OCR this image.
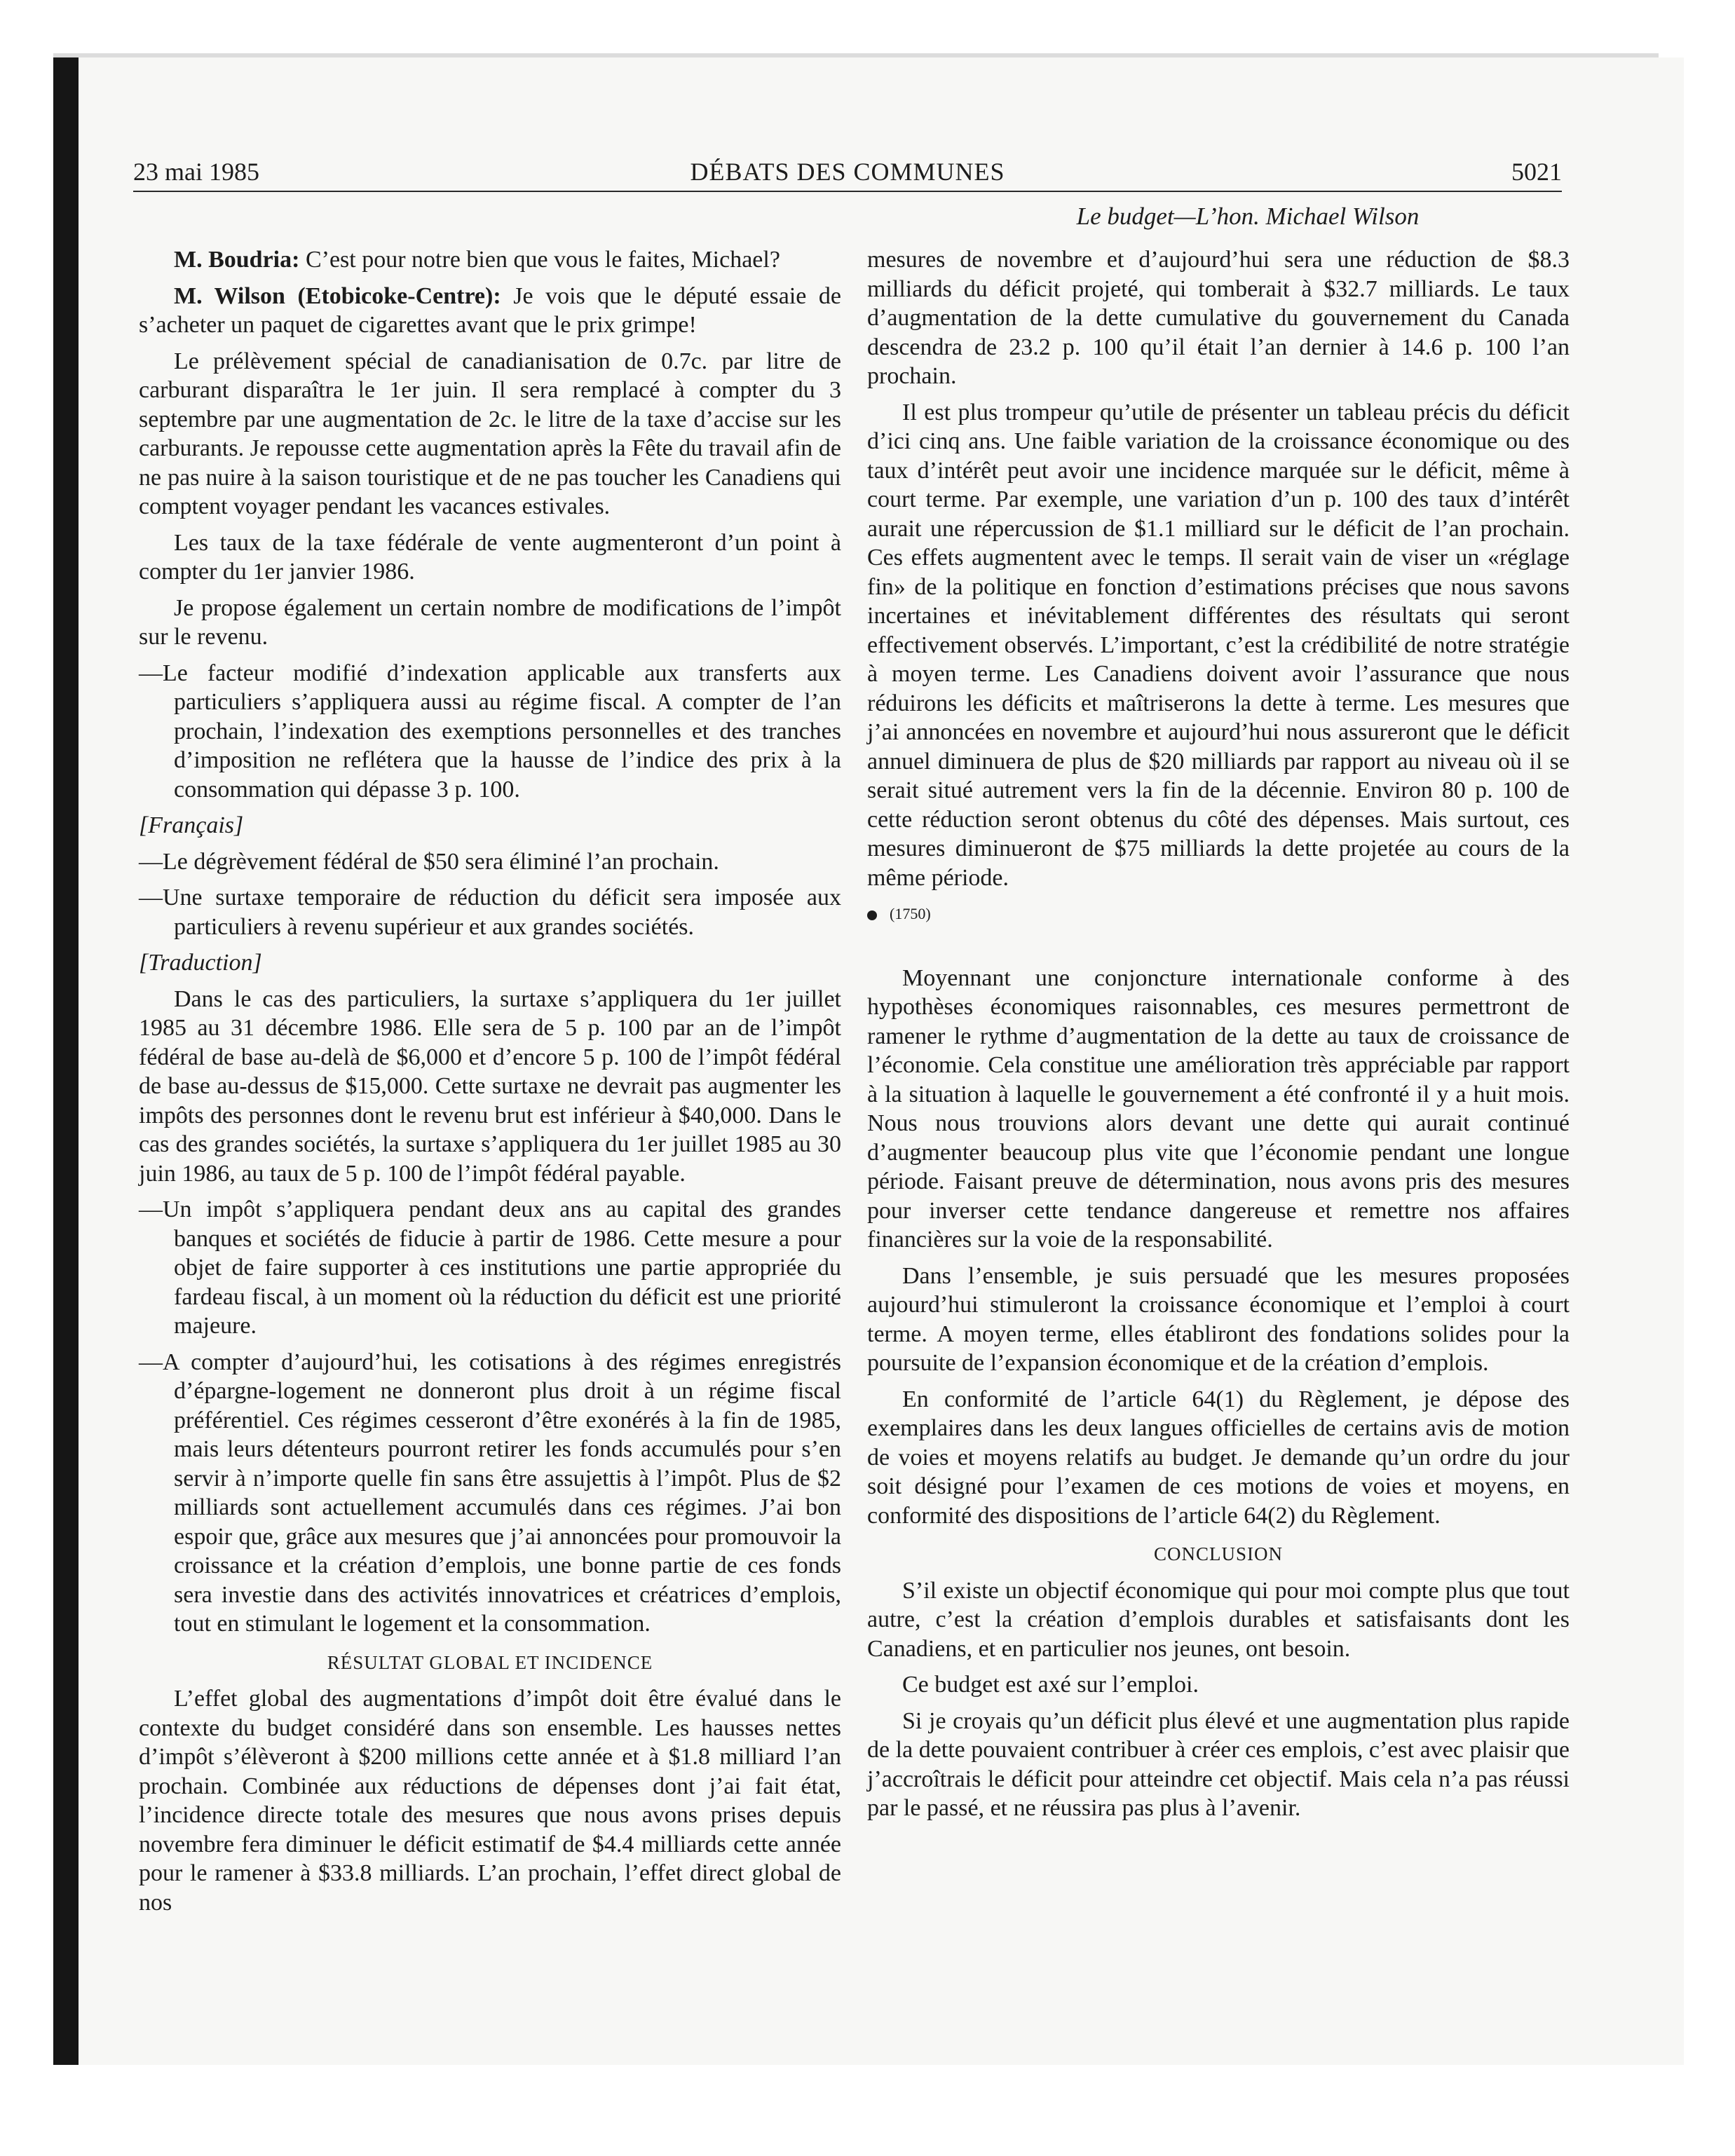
23 mai 1985	DÉBATS DES COMMUNES	5021
Le budget—L’hon. Michael Wilson

M. Boudria: C’est pour notre bien que vous le faites, Michael?

M. Wilson (Etobicoke-Centre): Je vois que le député essaie de s’acheter un paquet de cigarettes avant que le prix grimpe!

Le prélèvement spécial de canadianisation de 0.7c. par litre de carburant disparaîtra le 1er juin. Il sera remplacé à compter du 3 septembre par une augmentation de 2c. le litre de la taxe d’accise sur les carburants. Je repousse cette augmentation après la Fête du travail afin de ne pas nuire à la saison touristique et de ne pas toucher les Canadiens qui comptent voyager pendant les vacances estivales.

Les taux de la taxe fédérale de vente augmenteront d’un point à compter du 1er janvier 1986.

Je propose également un certain nombre de modifications de l’impôt sur le revenu.

—Le facteur modifié d’indexation applicable aux transferts aux particuliers s’appliquera aussi au régime fiscal. A compter de l’an prochain, l’indexation des exemptions personnelles et des tranches d’imposition ne reflétera que la hausse de l’indice des prix à la consommation qui dépasse 3 p. 100.

[Français]

—Le dégrèvement fédéral de $50 sera éliminé l’an prochain.

—Une surtaxe temporaire de réduction du déficit sera imposée aux particuliers à revenu supérieur et aux grandes sociétés.

[Traduction]

Dans le cas des particuliers, la surtaxe s’appliquera du 1er juillet 1985 au 31 décembre 1986. Elle sera de 5 p. 100 par an de l’impôt fédéral de base au-delà de $6,000 et d’encore 5 p. 100 de l’impôt fédéral de base au-dessus de $15,000. Cette surtaxe ne devrait pas augmenter les impôts des personnes dont le revenu brut est inférieur à $40,000. Dans le cas des grandes sociétés, la surtaxe s’appliquera du 1er juillet 1985 au 30 juin 1986, au taux de 5 p. 100 de l’impôt fédéral payable.

—Un impôt s’appliquera pendant deux ans au capital des grandes banques et sociétés de fiducie à partir de 1986. Cette mesure a pour objet de faire supporter à ces institutions une partie appropriée du fardeau fiscal, à un moment où la réduction du déficit est une priorité majeure.

—A compter d’aujourd’hui, les cotisations à des régimes enregistrés d’épargne-logement ne donneront plus droit à un régime fiscal préférentiel. Ces régimes cesseront d’être exonérés à la fin de 1985, mais leurs détenteurs pourront retirer les fonds accumulés pour s’en servir à n’importe quelle fin sans être assujettis à l’impôt. Plus de $2 milliards sont actuellement accumulés dans ces régimes. J’ai bon espoir que, grâce aux mesures que j’ai annoncées pour promouvoir la croissance et la création d’emplois, une bonne partie de ces fonds sera investie dans des activités innovatrices et créatrices d’emplois, tout en stimulant le logement et la consommation.

RÉSULTAT GLOBAL ET INCIDENCE

L’effet global des augmentations d’impôt doit être évalué dans le contexte du budget considéré dans son ensemble. Les hausses nettes d’impôt s’élèveront à $200 millions cette année et à $1.8 milliard l’an prochain. Combinée aux réductions de dépenses dont j’ai fait état, l’incidence directe totale des mesures que nous avons prises depuis novembre fera diminuer le déficit estimatif de $4.4 milliards cette année pour le ramener à $33.8 milliards. L’an prochain, l’effet direct global de nos

mesures de novembre et d’aujourd’hui sera une réduction de $8.3 milliards du déficit projeté, qui tomberait à $32.7 milliards. Le taux d’augmentation de la dette cumulative du gouvernement du Canada descendra de 23.2 p. 100 qu’il était l’an dernier à 14.6 p. 100 l’an prochain.

Il est plus trompeur qu’utile de présenter un tableau précis du déficit d’ici cinq ans. Une faible variation de la croissance économique ou des taux d’intérêt peut avoir une incidence marquée sur le déficit, même à court terme. Par exemple, une variation d’un p. 100 des taux d’intérêt aurait une répercussion de $1.1 milliard sur le déficit de l’an prochain. Ces effets augmentent avec le temps. Il serait vain de viser un «réglage fin» de la politique en fonction d’estimations précises que nous savons incertaines et inévitablement différentes des résultats qui seront effectivement observés. L’important, c’est la crédibilité de notre stratégie à moyen terme. Les Canadiens doivent avoir l’assurance que nous réduirons les déficits et maîtriserons la dette à terme. Les mesures que j’ai annoncées en novembre et aujourd’hui nous assureront que le déficit annuel diminuera de plus de $20 milliards par rapport au niveau où il se serait situé autrement vers la fin de la décennie. Environ 80 p. 100 de cette réduction seront obtenus du côté des dépenses. Mais surtout, ces mesures diminueront de $75 milliards la dette projetée au cours de la même période.

(1750)

Moyennant une conjoncture internationale conforme à des hypothèses économiques raisonnables, ces mesures permettront de ramener le rythme d’augmentation de la dette au taux de croissance de l’économie. Cela constitue une amélioration très appréciable par rapport à la situation à laquelle le gouvernement a été confronté il y a huit mois. Nous nous trouvions alors devant une dette qui aurait continué d’augmenter beaucoup plus vite que l’économie pendant une longue période. Faisant preuve de détermination, nous avons pris des mesures pour inverser cette tendance dangereuse et remettre nos affaires financières sur la voie de la responsabilité.

Dans l’ensemble, je suis persuadé que les mesures proposées aujourd’hui stimuleront la croissance économique et l’emploi à court terme. A moyen terme, elles établiront des fondations solides pour la poursuite de l’expansion économique et de la création d’emplois.

En conformité de l’article 64(1) du Règlement, je dépose des exemplaires dans les deux langues officielles de certains avis de motion de voies et moyens relatifs au budget. Je demande qu’un ordre du jour soit désigné pour l’examen de ces motions de voies et moyens, en conformité des dispositions de l’article 64(2) du Règlement.

CONCLUSION

S’il existe un objectif économique qui pour moi compte plus que tout autre, c’est la création d’emplois durables et satisfaisants dont les Canadiens, et en particulier nos jeunes, ont besoin.

Ce budget est axé sur l’emploi.

Si je croyais qu’un déficit plus élevé et une augmentation plus rapide de la dette pouvaient contribuer à créer ces emplois, c’est avec plaisir que j’accroîtrais le déficit pour atteindre cet objectif. Mais cela n’a pas réussi par le passé, et ne réussira pas plus à l’avenir.
